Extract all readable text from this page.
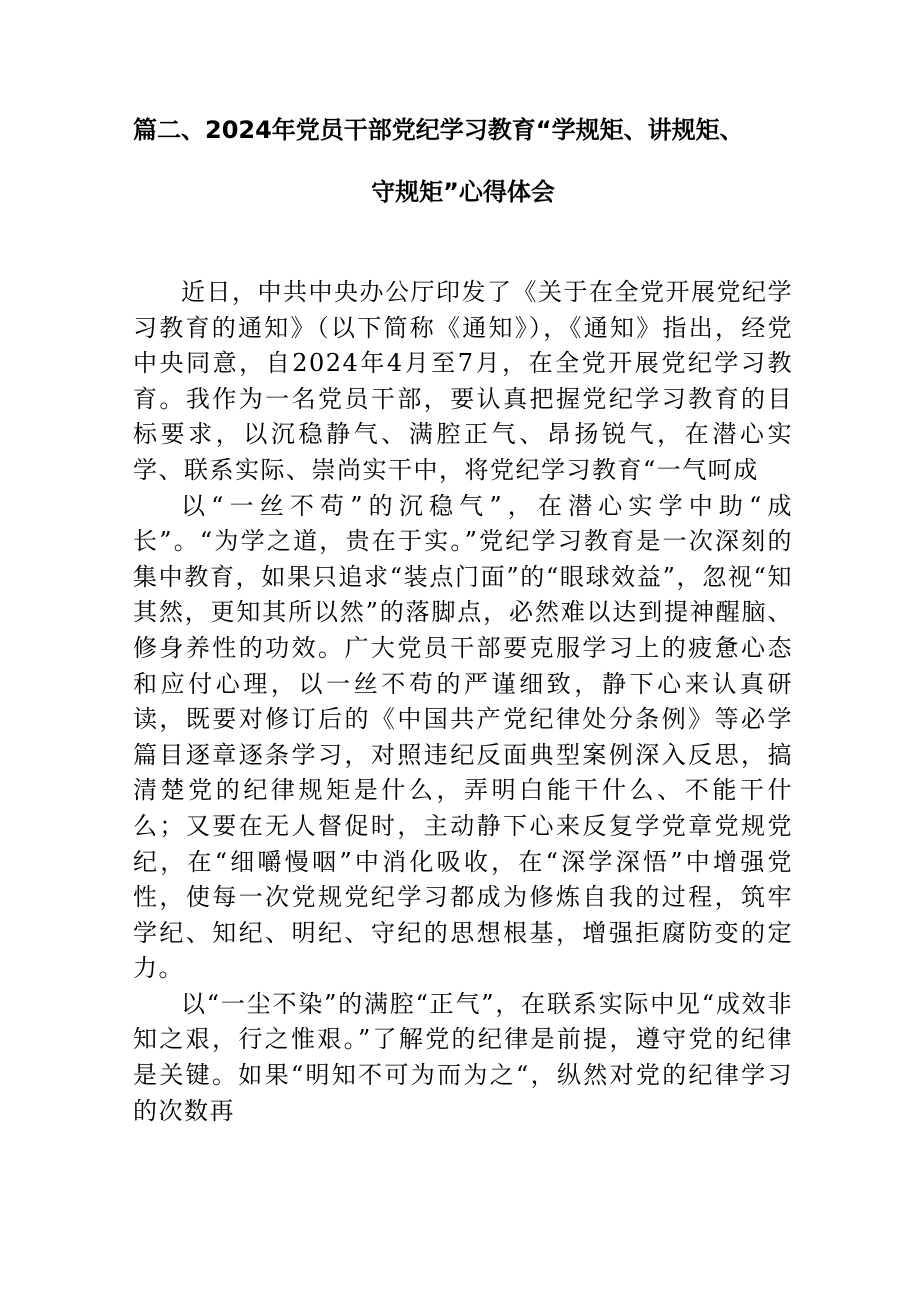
篇二、2024年党员干部党纪学习教育“学规矩、讲规矩、
守规矩”心得体会

近日，中共中央办公厅印发了《关于在全党开展党纪学习教育的通知》（以下简称《通知》），《通知》指出，经党中央同意，自2024年4月至7月，在全党开展党纪学习教育。我作为一名党员干部，要认真把握党纪学习教育的目标要求，以沉稳静气、满腔正气、昂扬锐气，在潜心实学、联系实际、崇尚实干中，将党纪学习教育“一气呵成

以“一丝不苟”的沉稳气”，在潜心实学中助“成长”。“为学之道，贵在于实。”党纪学习教育是一次深刻的集中教育，如果只追求“装点门面”的“眼球效益”，忽视“知其然，更知其所以然”的落脚点，必然难以达到提神醒脑、修身养性的功效。广大党员干部要克服学习上的疲惫心态和应付心理，以一丝不苟的严谨细致，静下心来认真研读，既要对修订后的《中国共产党纪律处分条例》等必学篇目逐章逐条学习，对照违纪反面典型案例深入反思，搞清楚党的纪律规矩是什么，弄明白能干什么、不能干什么；又要在无人督促时，主动静下心来反复学党章党规党纪，在“细嚼慢咽”中消化吸收，在“深学深悟”中增强党性，使每一次党规党纪学习都成为修炼自我的过程，筑牢学纪、知纪、明纪、守纪的思想根基，增强拒腐防变的定力。

以“一尘不染”的满腔“正气”，在联系实际中见“成效非知之艰，行之惟艰。”了解党的纪律是前提，遵守党的纪律是关键。如果“明知不可为而为之“，纵然对党的纪律学习的次数再
